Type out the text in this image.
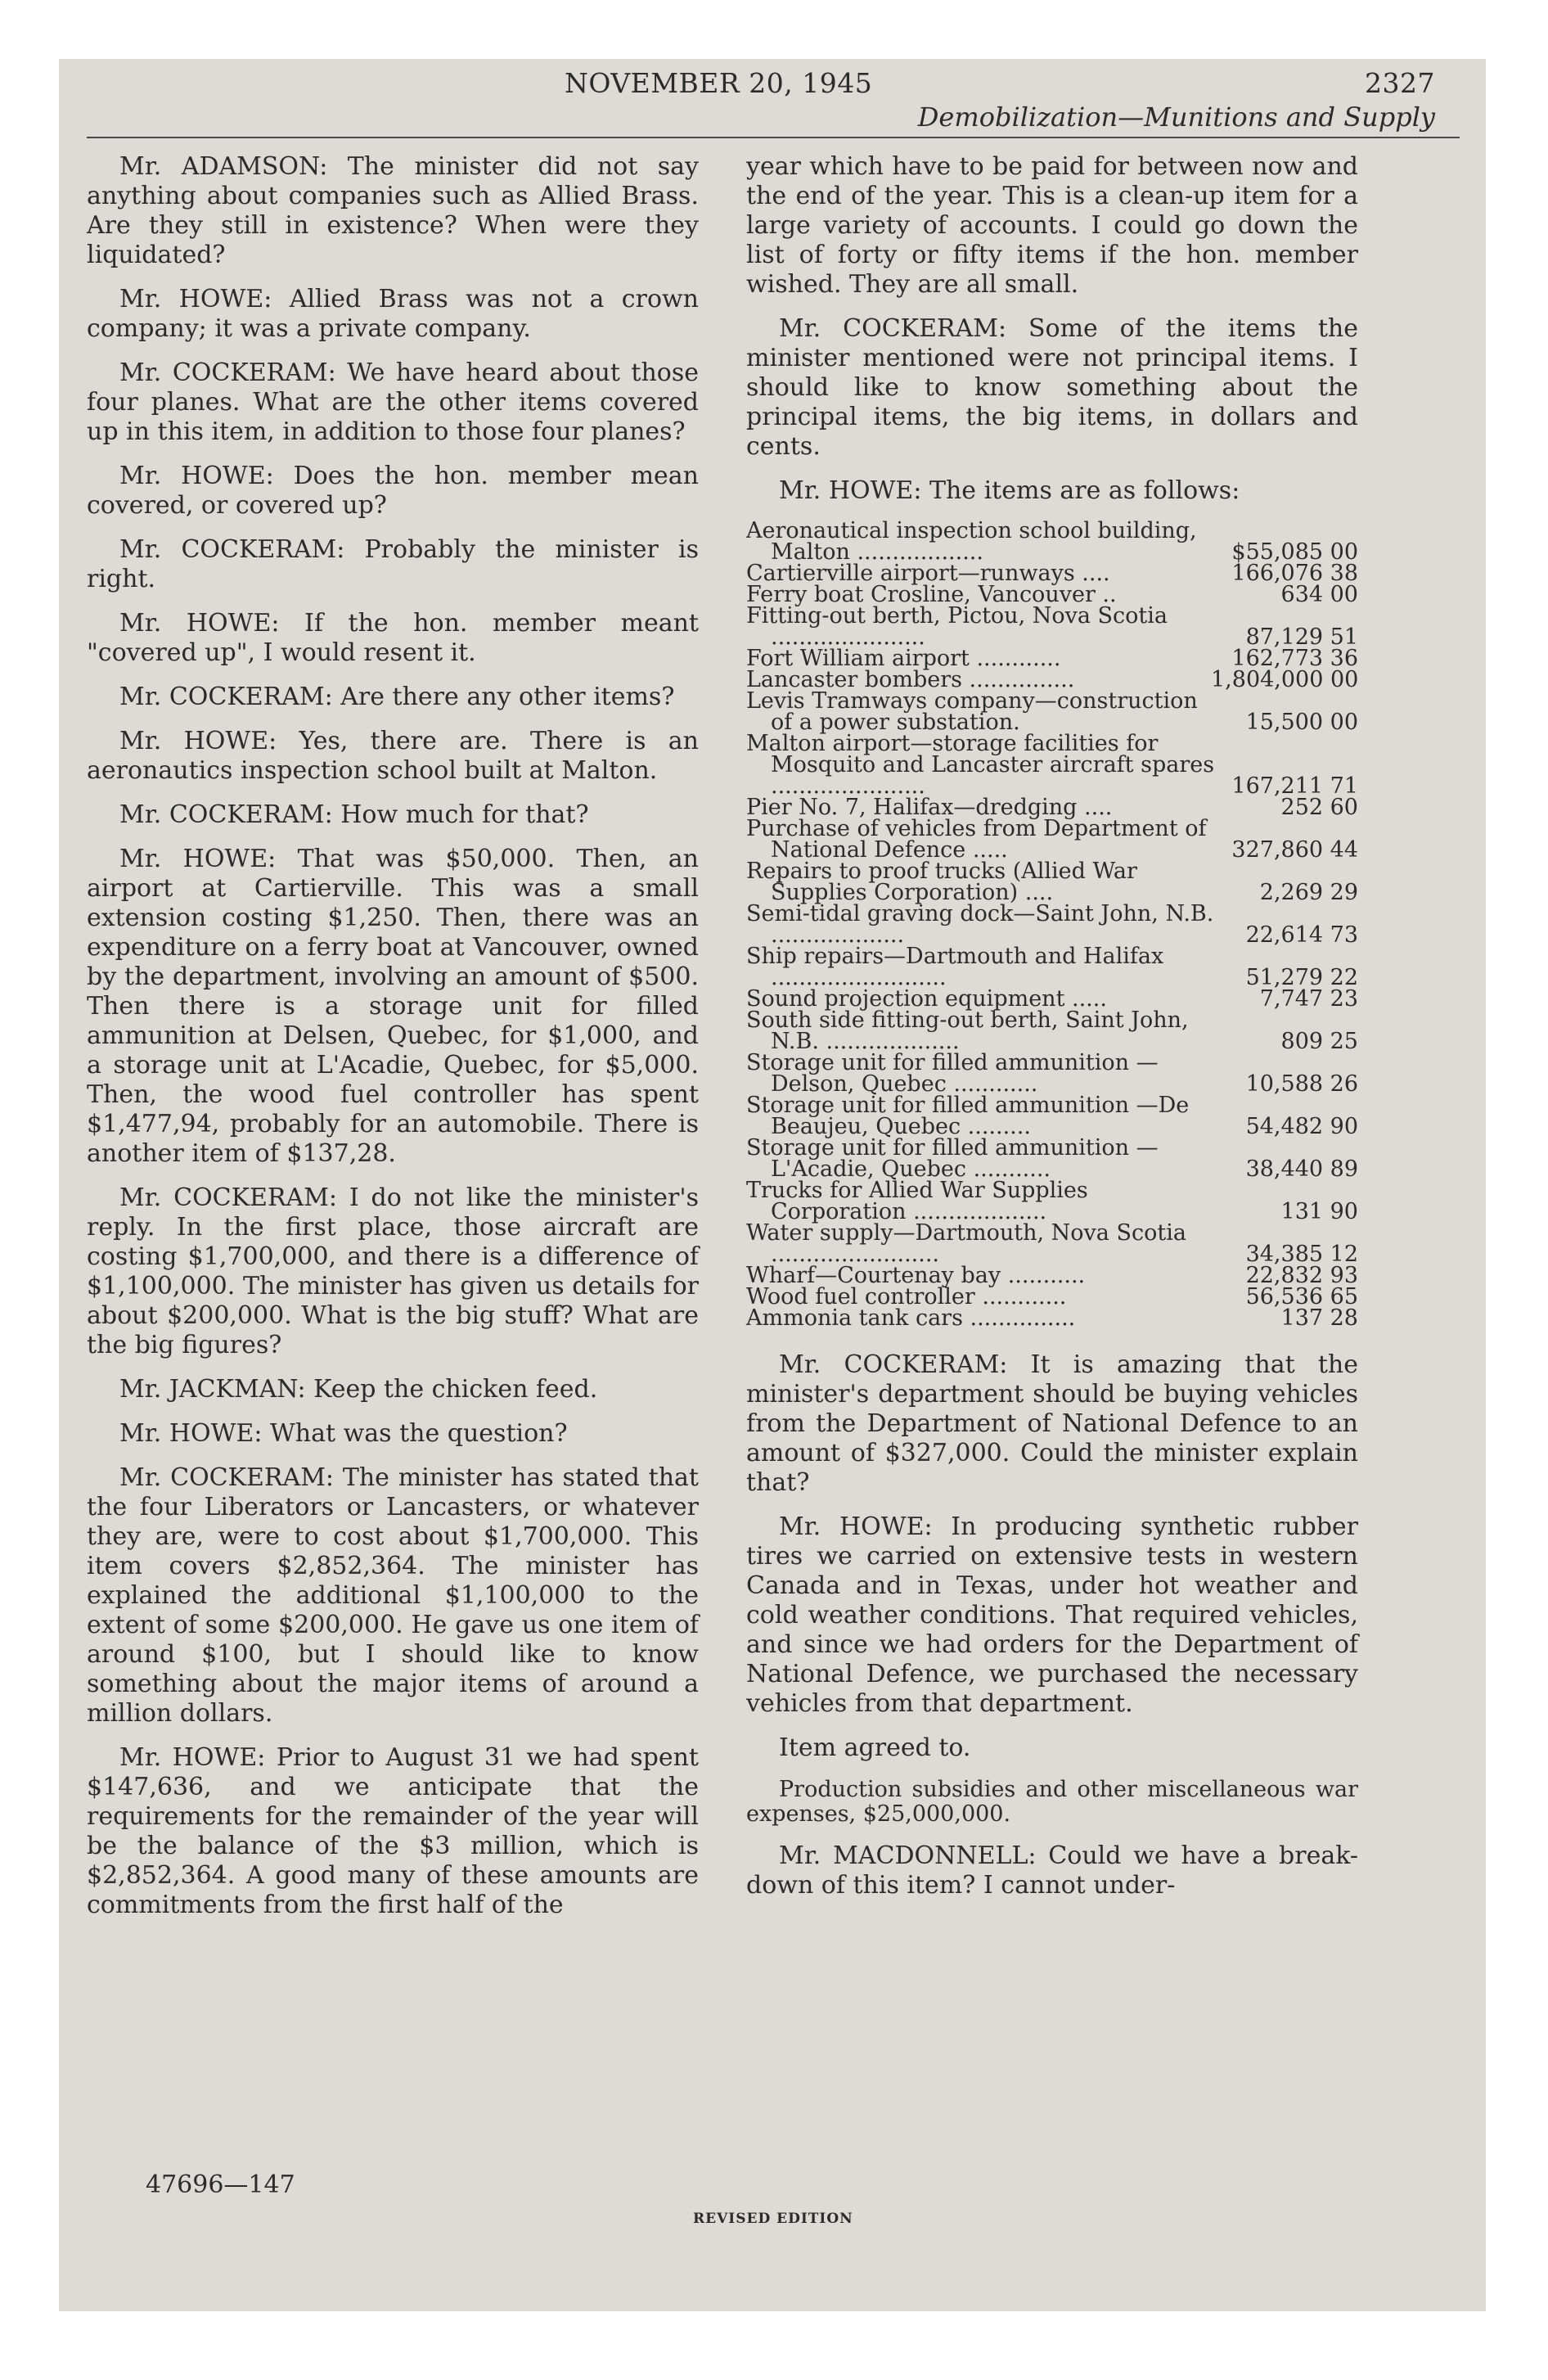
NOVEMBER 20, 1945	2327
Demobilization—Munitions and Supply

Mr. ADAMSON: The minister did not say anything about companies such as Allied Brass. Are they still in existence? When were they liquidated?

Mr. HOWE: Allied Brass was not a crown company; it was a private company.

Mr. COCKERAM: We have heard about those four planes. What are the other items covered up in this item, in addition to those four planes?

Mr. HOWE: Does the hon. member mean covered, or covered up?

Mr. COCKERAM: Probably the minister is right.

Mr. HOWE: If the hon. member meant "covered up", I would resent it.

Mr. COCKERAM: Are there any other items?

Mr. HOWE: Yes, there are. There is an aeronautics inspection school built at Malton.

Mr. COCKERAM: How much for that?

Mr. HOWE: That was $50,000. Then, an airport at Cartierville. This was a small extension costing $1,250. Then, there was an expenditure on a ferry boat at Vancouver, owned by the department, involving an amount of $500. Then there is a storage unit for filled ammunition at Delsen, Quebec, for $1,000, and a storage unit at L'Acadie, Quebec, for $5,000. Then, the wood fuel controller has spent $1,477,94, probably for an automobile. There is another item of $137,28.

Mr. COCKERAM: I do not like the minister's reply. In the first place, those aircraft are costing $1,700,000, and there is a difference of $1,100,000. The minister has given us details for about $200,000. What is the big stuff? What are the big figures?

Mr. JACKMAN: Keep the chicken feed.

Mr. HOWE: What was the question?

Mr. COCKERAM: The minister has stated that the four Liberators or Lancasters, or whatever they are, were to cost about $1,700,000. This item covers $2,852,364. The minister has explained the additional $1,100,000 to the extent of some $200,000. He gave us one item of around $100, but I should like to know something about the major items of around a million dollars.

Mr. HOWE: Prior to August 31 we had spent $147,636, and we anticipate that the requirements for the remainder of the year will be the balance of the $3 million, which is $2,852,364. A good many of these amounts are commitments from the first half of the

year which have to be paid for between now and the end of the year. This is a clean-up item for a large variety of accounts. I could go down the list of forty or fifty items if the hon. member wished. They are all small.

Mr. COCKERAM: Some of the items the minister mentioned were not principal items. I should like to know something about the principal items, the big items, in dollars and cents.

Mr. HOWE: The items are as follows:

Aeronautical inspection school building, Malton ..................	$55,085 00
Cartierville airport—runways ....	166,076 38
Ferry boat Crosline, Vancouver ..	634 00
Fitting-out berth, Pictou, Nova Scotia ......................	87,129 51
Fort William airport ............	162,773 36
Lancaster bombers ...............	1,804,000 00
Levis Tramways company—construction of a power substation.	15,500 00
Malton airport—storage facilities for Mosquito and Lancaster aircraft spares ......................	167,211 71
Pier No. 7, Halifax—dredging ....	252 60
Purchase of vehicles from Department of National Defence .....	327,860 44
Repairs to proof trucks (Allied War Supplies Corporation) ....	2,269 29
Semi-tidal graving dock—Saint John, N.B. ...................	22,614 73
Ship repairs—Dartmouth and Halifax .........................	51,279 22
Sound projection equipment .....	7,747 23
South side fitting-out berth, Saint John, N.B. ...................	809 25
Storage unit for filled ammunition —Delson, Quebec ............	10,588 26
Storage unit for filled ammunition —De Beaujeu, Quebec .........	54,482 90
Storage unit for filled ammunition —L'Acadie, Quebec ...........	38,440 89
Trucks for Allied War Supplies Corporation ...................	131 90
Water supply—Dartmouth, Nova Scotia ........................	34,385 12
Wharf—Courtenay bay ...........	22,832 93
Wood fuel controller ............	56,536 65
Ammonia tank cars ...............	137 28

Mr. COCKERAM: It is amazing that the minister's department should be buying vehicles from the Department of National Defence to an amount of $327,000. Could the minister explain that?

Mr. HOWE: In producing synthetic rubber tires we carried on extensive tests in western Canada and in Texas, under hot weather and cold weather conditions. That required vehicles, and since we had orders for the Department of National Defence, we purchased the necessary vehicles from that department.

Item agreed to.

Production subsidies and other miscellaneous war expenses, $25,000,000.

Mr. MACDONNELL: Could we have a break-down of this item? I cannot under-

47696—147
REVISED EDITION
